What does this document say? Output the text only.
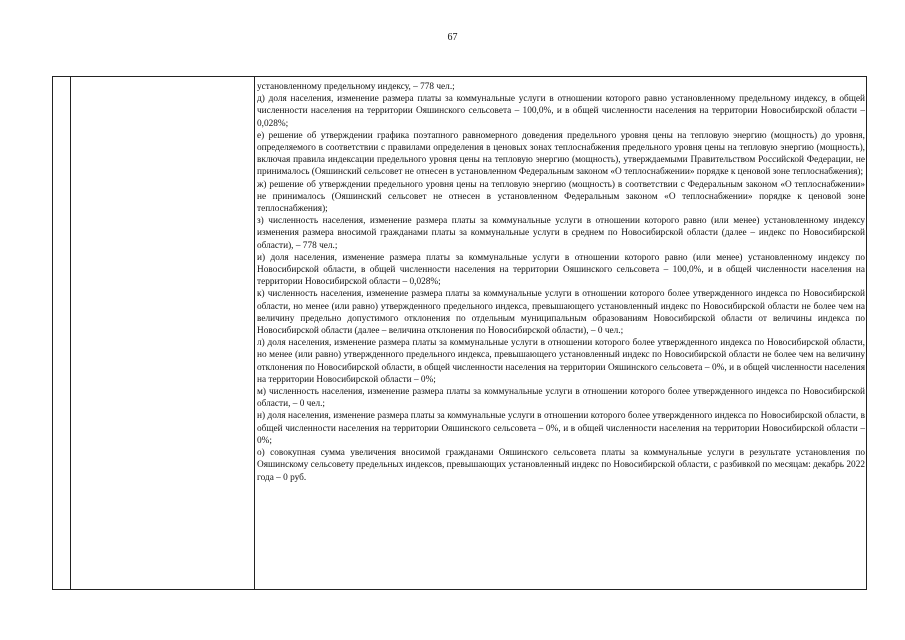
67

установленному предельному индексу, – 778 чел.;

д) доля населения, изменение размера платы за коммунальные услуги в отношении которого равно установленному предельному индексу, в общей численности населения на территории Ояшинского сельсовета – 100,0%, и в общей численности населения на территории Новосибирской области – 0,028%;

е) решение об утверждении графика поэтапного равномерного доведения предельного уровня цены на тепловую энергию (мощность) до уровня, определяемого в соответствии с правилами определения в ценовых зонах теплоснабжения предельного уровня цены на тепловую энергию (мощность), включая правила индексации предельного уровня цены на тепловую энергию (мощность), утверждаемыми Правительством Российской Федерации, не принималось (Ояшинский сельсовет не отнесен в установленном Федеральным законом «О теплоснабжении» порядке к ценовой зоне теплоснабжения);

ж) решение об утверждении предельного уровня цены на тепловую энергию (мощность) в соответствии с Федеральным законом «О теплоснабжении» не принималось (Ояшинский сельсовет не отнесен в установленном Федеральным законом «О теплоснабжении» порядке к ценовой зоне теплоснабжения);

з) численность населения, изменение размера платы за коммунальные услуги в отношении которого равно (или менее) установленному индексу изменения размера вносимой гражданами платы за коммунальные услуги в среднем по Новосибирской области (далее – индекс по Новосибирской области), – 778 чел.;

и) доля населения, изменение размера платы за коммунальные услуги в отношении которого равно (или менее) установленному индексу по Новосибирской области, в общей численности населения на территории Ояшинского сельсовета – 100,0%, и в общей численности населения на территории Новосибирской области – 0,028%;

к) численность населения, изменение размера платы за коммунальные услуги в отношении которого более утвержденного индекса по Новосибирской области, но менее (или равно) утвержденного предельного индекса, превышающего установленный индекс по Новосибирской области не более чем на величину предельно допустимого отклонения по отдельным муниципальным образованиям Новосибирской области от величины индекса по Новосибирской области (далее – величина отклонения по Новосибирской области), – 0 чел.;

л) доля населения, изменение размера платы за коммунальные услуги в отношении которого более утвержденного индекса по Новосибирской области, но менее (или равно) утвержденного предельного индекса, превышающего установленный индекс по Новосибирской области не более чем на величину отклонения по Новосибирской области, в общей численности населения на территории Ояшинского сельсовета – 0%, и в общей численности населения на территории Новосибирской области – 0%;

м) численность населения, изменение размера платы за коммунальные услуги в отношении которого более утвержденного индекса по Новосибирской области, – 0 чел.;

н) доля населения, изменение размера платы за коммунальные услуги в отношении которого более утвержденного индекса по Новосибирской области, в общей численности населения на территории Ояшинского сельсовета – 0%, и в общей численности населения на территории Новосибирской области – 0%;

о) совокупная сумма увеличения вносимой гражданами Ояшинского сельсовета платы за коммунальные услуги в результате установления по Ояшинскому сельсовету предельных индексов, превышающих установленный индекс по Новосибирской области, с разбивкой по месяцам: декабрь 2022 года – 0 руб.
